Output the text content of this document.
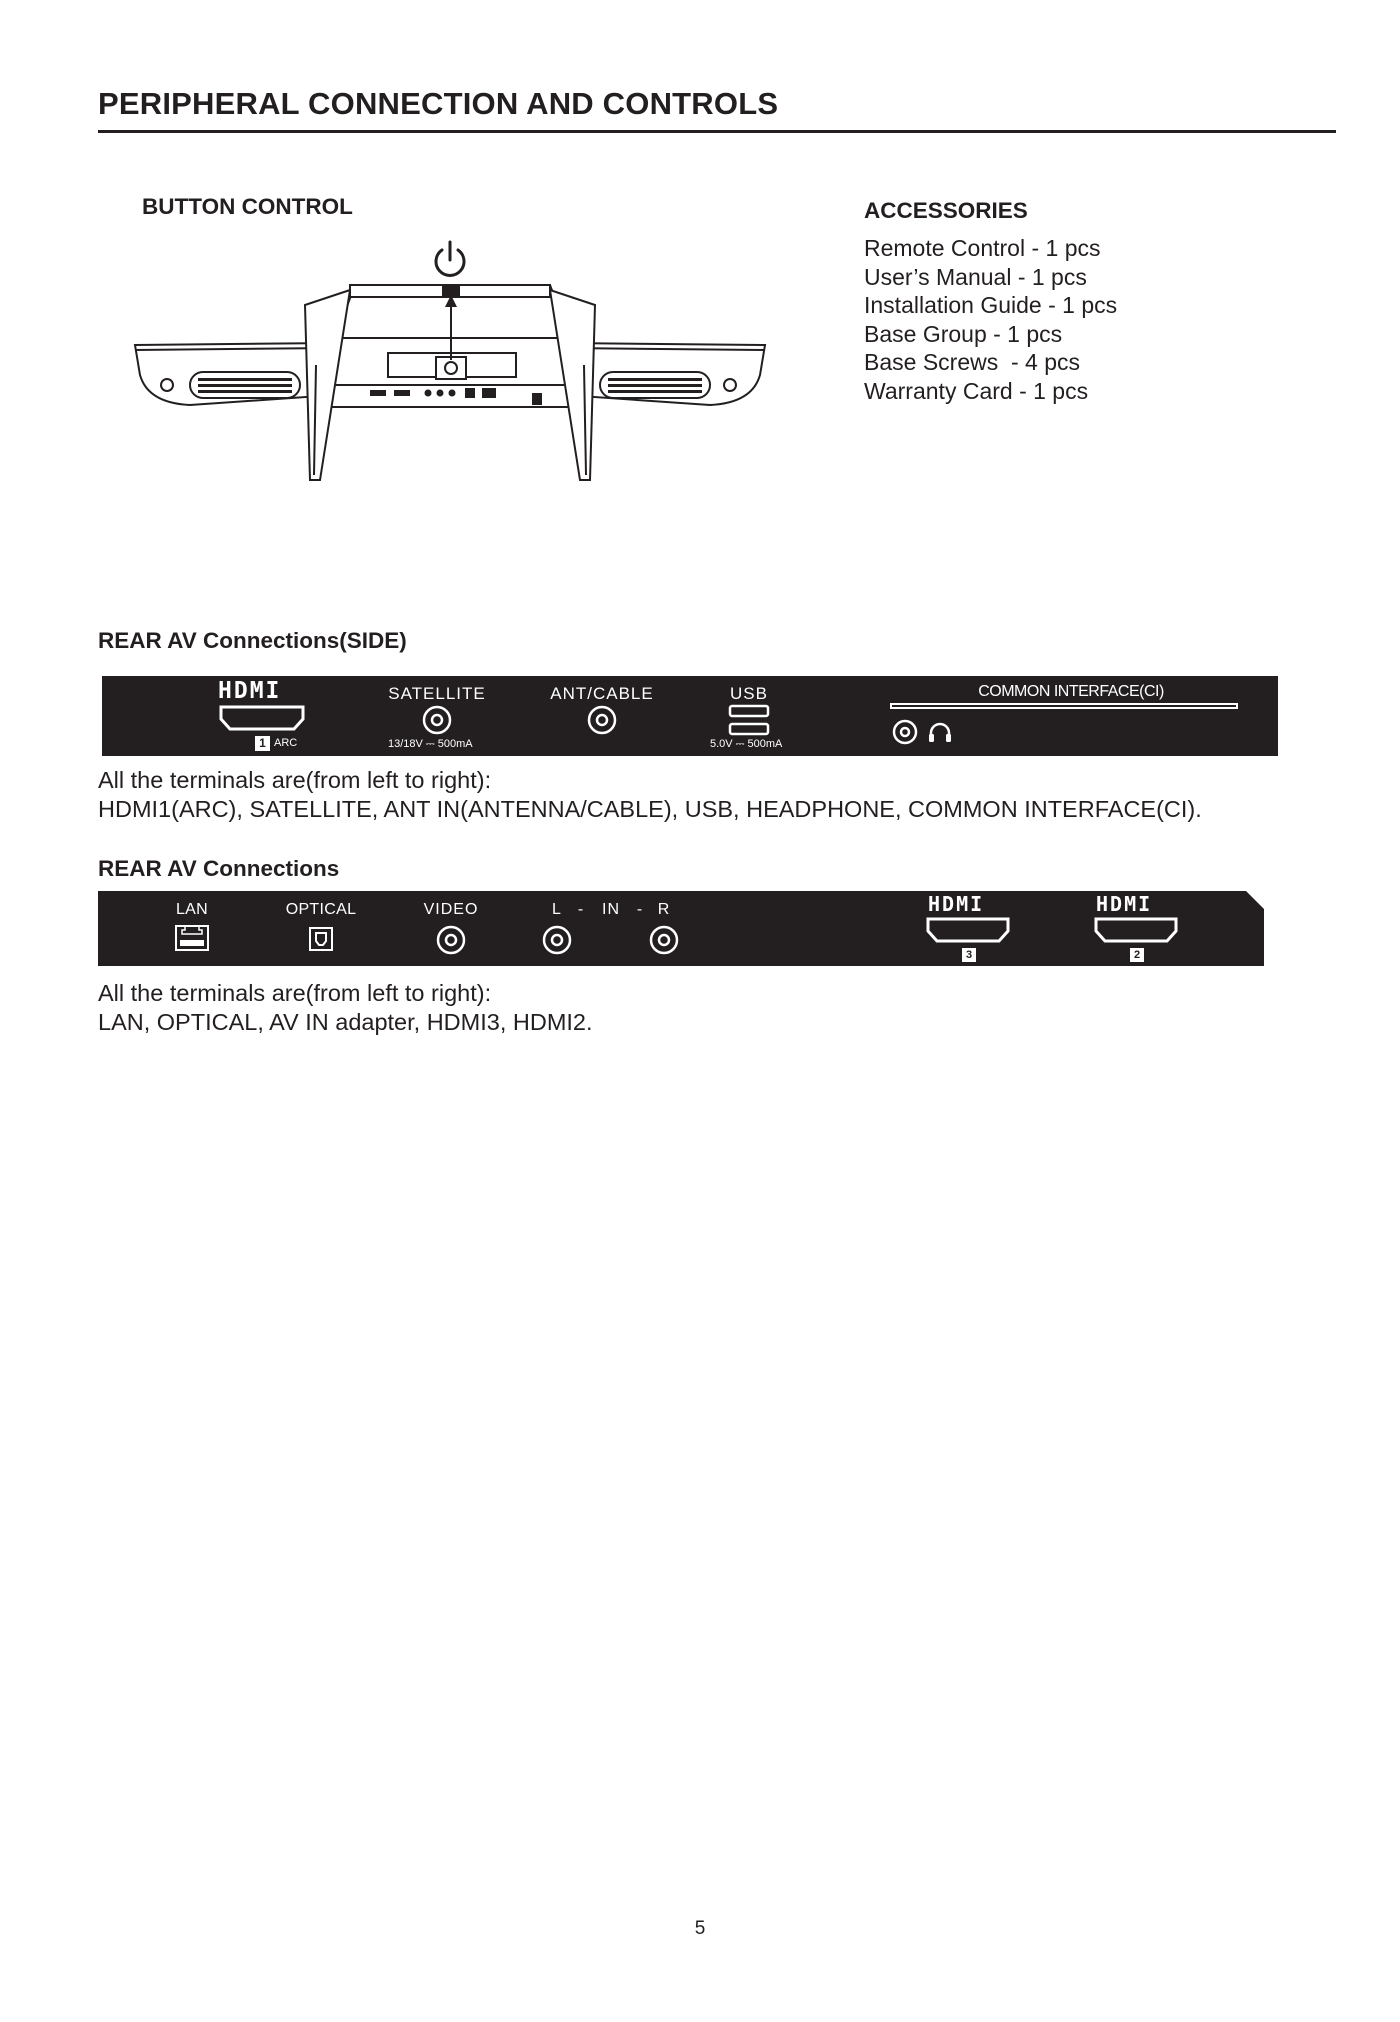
PERIPHERAL CONNECTION AND CONTROLS
BUTTON CONTROL	ACCESSORIES
Remote Control - 1 pcs
User’s Manual - 1 pcs
Installation Guide - 1 pcs
Base Group - 1 pcs
Base Screws  - 4 pcs
Warranty Card - 1 pcs
REAR AV Connections(SIDE)
HDMI
1 ARC
SATELLITE
13/18V ⎓ 500mA
ANT/CABLE	USB
5.0V ⎓ 500mA
COMMON INTERFACE(CI)
All the terminals are(from left to right):
HDMI1(ARC), SATELLITE, ANT IN(ANTENNA/CABLE), USB, HEADPHONE, COMMON INTERFACE(CI).
REAR AV Connections
LAN	OPTICAL	VIDEO	L - IN - R	HDMI
3
HDMI
2
All the terminals are(from left to right):
LAN, OPTICAL, AV IN adapter, HDMI3, HDMI2.
5
